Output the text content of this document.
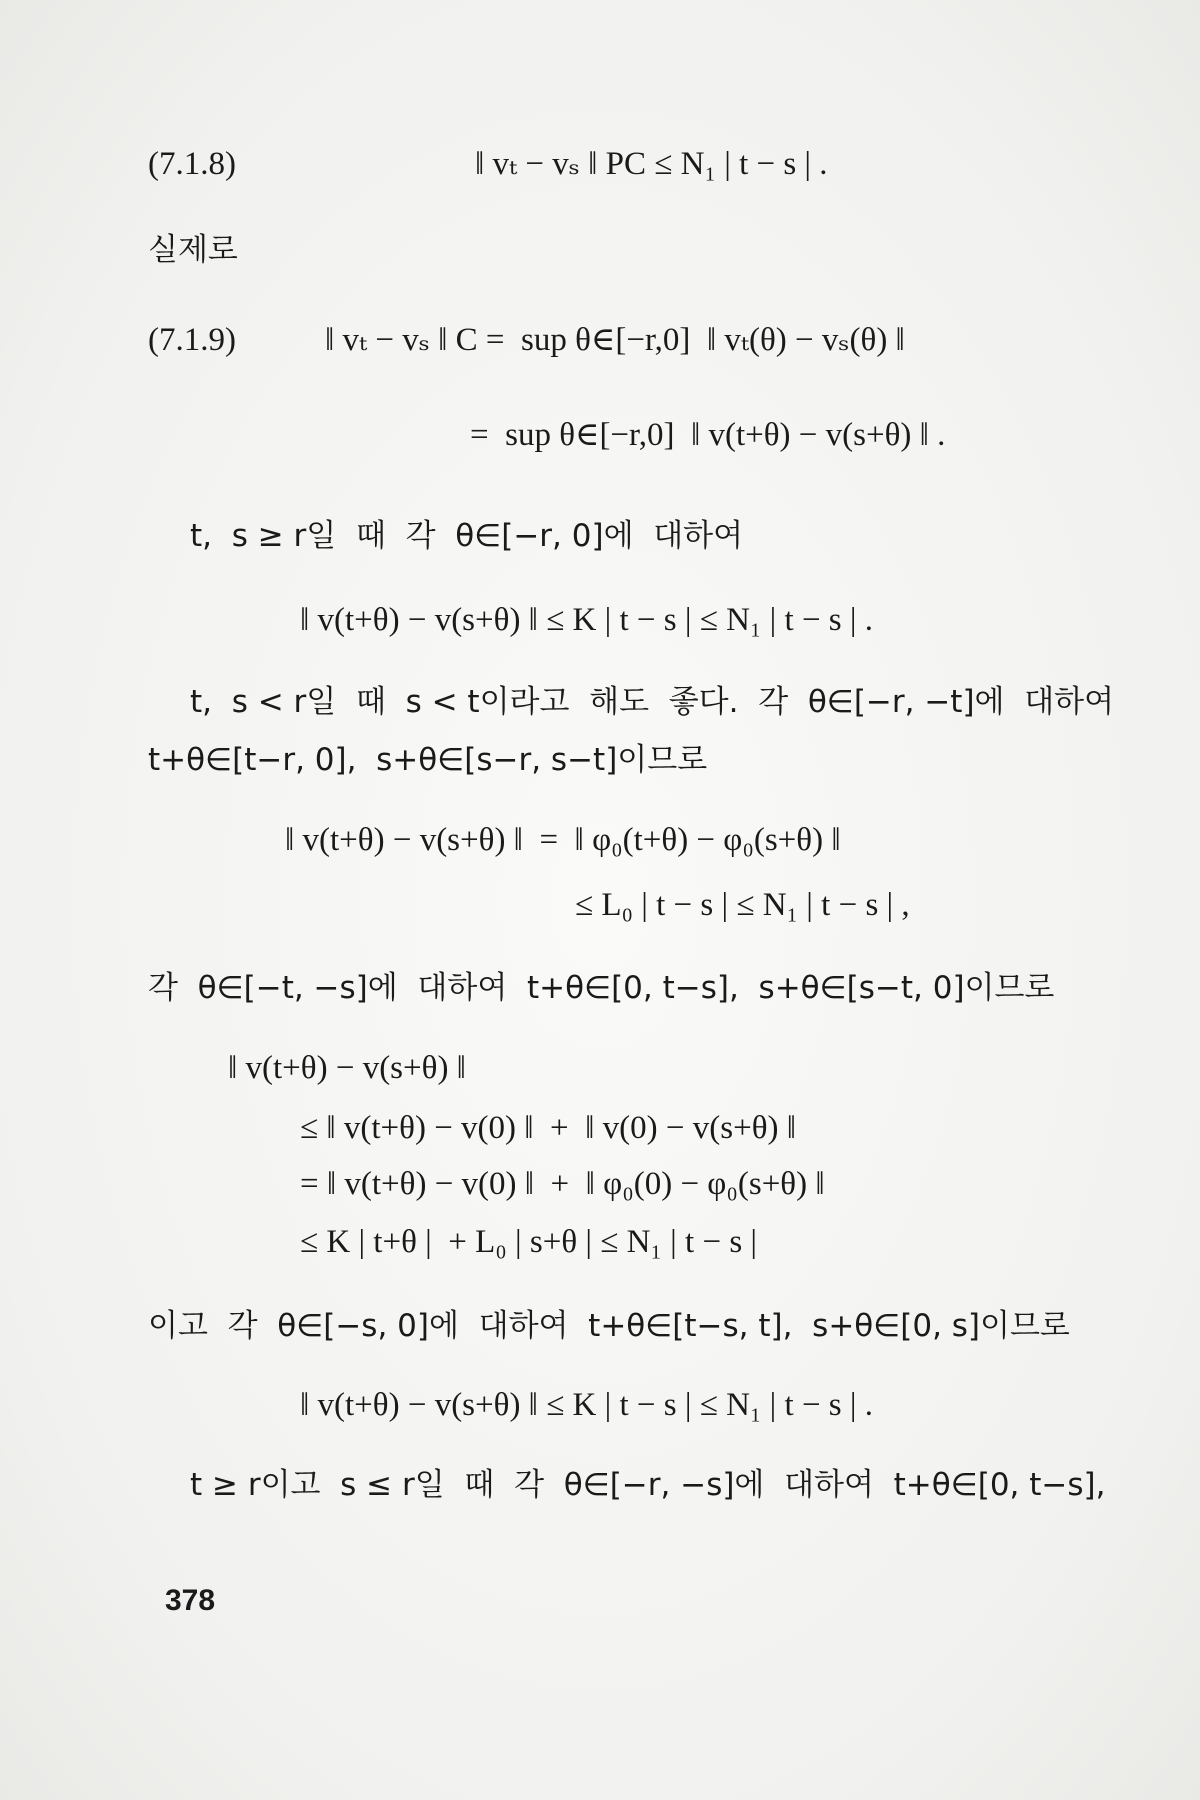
(7.1.8)	‖ vₜ − vₛ ‖ PC ≤ N₁ | t − s | .
실제로
(7.1.9)	‖ vₜ − vₛ ‖ C =  sup θ∈[−r,0]  ‖ vₜ(θ) − vₛ(θ) ‖
=  sup θ∈[−r,0]  ‖ v(t+θ) − v(s+θ) ‖ .
t,  s ≥ r일  때  각  θ∈[−r, 0]에  대하여
‖ v(t+θ) − v(s+θ) ‖ ≤ K | t − s | ≤ N₁ | t − s | .
t,  s < r일  때  s < t이라고  해도  좋다.  각  θ∈[−r, −t]에  대하여
t+θ∈[t−r, 0],  s+θ∈[s−r, s−t]이므로
‖ v(t+θ) − v(s+θ) ‖  =  ‖ φ₀(t+θ) − φ₀(s+θ) ‖
≤ L₀ | t − s | ≤ N₁ | t − s | ,
각  θ∈[−t, −s]에  대하여  t+θ∈[0, t−s],  s+θ∈[s−t, 0]이므로
‖ v(t+θ) − v(s+θ) ‖
≤ ‖ v(t+θ) − v(0) ‖  +  ‖ v(0) − v(s+θ) ‖
= ‖ v(t+θ) − v(0) ‖  +  ‖ φ₀(0) − φ₀(s+θ) ‖
≤ K | t+θ |  + L₀ | s+θ | ≤ N₁ | t − s |
이고  각  θ∈[−s, 0]에  대하여  t+θ∈[t−s, t],  s+θ∈[0, s]이므로
‖ v(t+θ) − v(s+θ) ‖ ≤ K | t − s | ≤ N₁ | t − s | .
t ≥ r이고  s ≤ r일  때  각  θ∈[−r, −s]에  대하여  t+θ∈[0, t−s],
378
